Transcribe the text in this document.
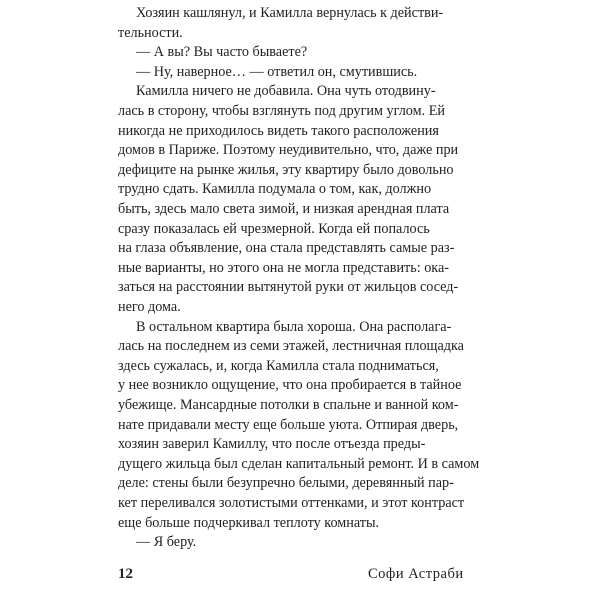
Хозяин кашлянул, и Камилла вернулась к действи-
тельности.
— А вы? Вы часто бываете?
— Ну, наверное… — ответил он, смутившись.
Камилла ничего не добавила. Она чуть отодвину-
лась в сторону, чтобы взглянуть под другим углом. Ей
никогда не приходилось видеть такого расположения
домов в Париже. Поэтому неудивительно, что, даже при
дефиците на рынке жилья, эту квартиру было довольно
трудно сдать. Камилла подумала о том, как, должно
быть, здесь мало света зимой, и низкая арендная плата
сразу показалась ей чрезмерной. Когда ей попалось
на глаза объявление, она стала представлять самые раз-
ные варианты, но этого она не могла представить: ока-
заться на расстоянии вытянутой руки от жильцов сосед-
него дома.
В остальном квартира была хороша. Она располага-
лась на последнем из семи этажей, лестничная площадка
здесь сужалась, и, когда Камилла стала подниматься,
у нее возникло ощущение, что она пробирается в тайное
убежище. Мансардные потолки в спальне и ванной ком-
нате придавали месту еще больше уюта. Отпирая дверь,
хозяин заверил Камиллу, что после отъезда преды-
дущего жильца был сделан капитальный ремонт. И в самом
деле: стены были безупречно белыми, деревянный пар-
кет переливался золотистыми оттенками, и этот контраст
еще больше подчеркивал теплоту комнаты.
— Я беру.
12	Софи Астраби
